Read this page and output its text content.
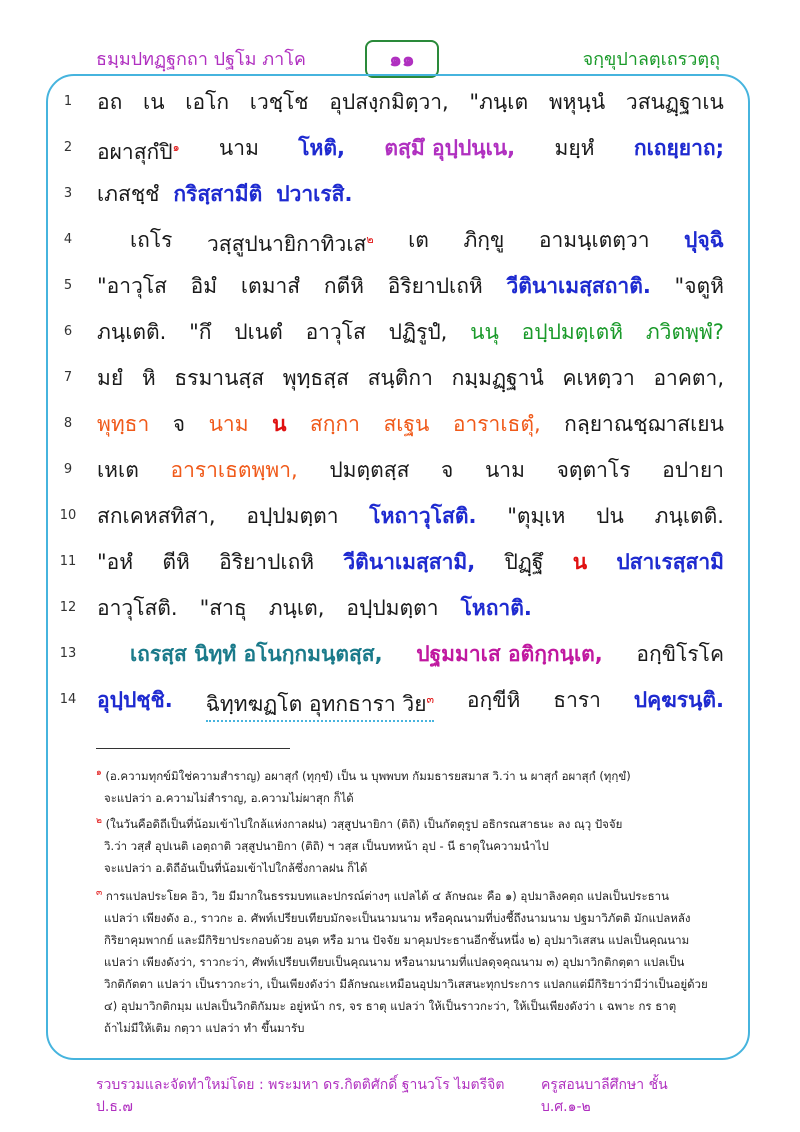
ธมฺมปทฏฺฐกถา ปฐโม ภาโค	๑๑	จกฺขุปาลตฺเถรวตฺถุ
1	อถ เน เอโก เวชฺโช อุปสงฺกมิตฺวา, "ภนฺเต พหุนฺนํ วสนฏฺฐาเน
2	อผาสุกํปิ$^๑$ นาม โหติ, ตสฺมึ อุปฺปนฺเน, มยฺหํ กเถยฺยาถ;
3	เภสชฺชํ กริสฺสามีติ ปวาเรสิ.
4	เถโร วสฺสูปนายิกาทิวเส$^๒$ เต ภิกฺขู อามนฺเตตฺวา ปุจฺฉิ
5	"อาวุโส อิมํ เตมาสํ กตีหิ อิริยาปเถหิ วีตินาเมสฺสถาติ. "จตูหิ
6	ภนฺเตติ. "กึ ปเนตํ อาวุโส ปฏิรูปํ, นนุ อปฺปมตฺเตหิ ภวิตพฺพํ?
7	มยํ หิ ธรมานสฺส พุทฺธสฺส สนฺติกา กมฺมฏฺฐานํ คเหตฺวา อาคตา,
8	พุทฺธา จ นาม น สกฺกา สเฐน อาราเธตุํ, กลฺยาณชฺฌาสเยน
9	เหเต อาราเธตพฺพา, ปมตฺตสฺส จ นาม จตฺตาโร อปายา
10 สกเคหสทิสา, อปฺปมตฺตา โหถาวุโสติ. "ตุมฺเห ปน ภนฺเตติ.
11 "อหํ ตีหิ อิริยาปเถหิ วีตินาเมสฺสามิ, ปิฏฺฐึ น ปสาเรสฺสามิ
12 อาวุโสติ. "สาธุ ภนฺเต, อปฺปมตฺตา โหถาติ.
13	เถรสฺส นิทฺทํ อโนกฺกมนฺตสฺส, ปฐมมาเส อติกฺกนฺเต, อกฺขิโรโค
14 อุปฺปชฺชิ. ฉิทฺทฆฏโต อุทกธารา วิย$^๓$ อกฺขีหิ ธารา ปคฺฆรนฺติ.
$^๑$ (อ.ความทุกข์มิใช่ความสำราญ) อผาสุกํ (ทุกฺขํ) เป็น น บุพพบท กัมมธารยสมาส วิ.ว่า น ผาสุกํ อผาสุกํ (ทุกฺขํ)
จะแปลว่า อ.ความไม่สำราญ, อ.ความไม่ผาสุก ก็ได้
$^๒$ (ในวันคือดิถีเป็นที่น้อมเข้าไปใกล้แห่งกาลฝน) วสฺสูปนายิกา (ติถิ) เป็นกัตตุรูป อธิกรณสาธนะ ลง ณฺวุ ปัจจัย
วิ.ว่า วสฺสํ อุปเนติ เอตฺถาติ วสฺสูปนายิกา (ติถิ) ฯ วสฺส เป็นบทหน้า อุป - นี ธาตุในความนำไป
จะแปลว่า อ.ดิถีอันเป็นที่น้อมเข้าไปใกล้ซึ่งกาลฝน ก็ได้
$^๓$ การแปลประโยค อิว, วิย มีมากในธรรมบทและปกรณ์ต่างๆ แปลได้ ๔ ลักษณะ คือ ๑) อุปมาลิงคตฺถ แปลเป็นประธาน
แปลว่า เพียงดัง อ., ราวกะ อ. ศัพท์เปรียบเทียบมักจะเป็นนามนาม หรือคุณนามที่บ่งชี้ถึงนามนาม ปฐมาวิภัตติ มักแปลหลัง
กิริยาคุมพากย์ และมีกิริยาประกอบด้วย อนฺต หรือ มาน ปัจจัย มาคุมประธานอีกชั้นหนึ่ง ๒) อุปมาวิเสสน แปลเป็นคุณนาม
แปลว่า เพียงดังว่า, ราวกะว่า, ศัพท์เปรียบเทียบเป็นคุณนาม หรือนามนามที่แปลดุจคุณนาม ๓) อุปมาวิกติกตฺตา แปลเป็น
วิกติกัตตา แปลว่า เป็นราวกะว่า, เป็นเพียงดังว่า มีลักษณะเหมือนอุปมาวิเสสนะทุกประการ แปลกแต่มีกิริยาว่ามีว่าเป็นอยู่ด้วย
๔) อุปมาวิกติกมฺม แปลเป็นวิกติกัมมะ อยู่หน้า กร, จร ธาตุ แปลว่า ให้เป็นราวกะว่า, ให้เป็นเพียงดังว่า เ ฉพาะ กร ธาตุ
ถ้าไม่มีให้เติม กตฺวา แปลว่า ทำ ขึ้นมารับ
รวบรวมและจัดทำใหม่โดย : พระมหา ดร.กิตติศักดิ์ ฐานวโร ไมตรีจิต ป.ธ.๗
ครูสอนบาลีศึกษา ชั้น บ.ศ.๑-๒
